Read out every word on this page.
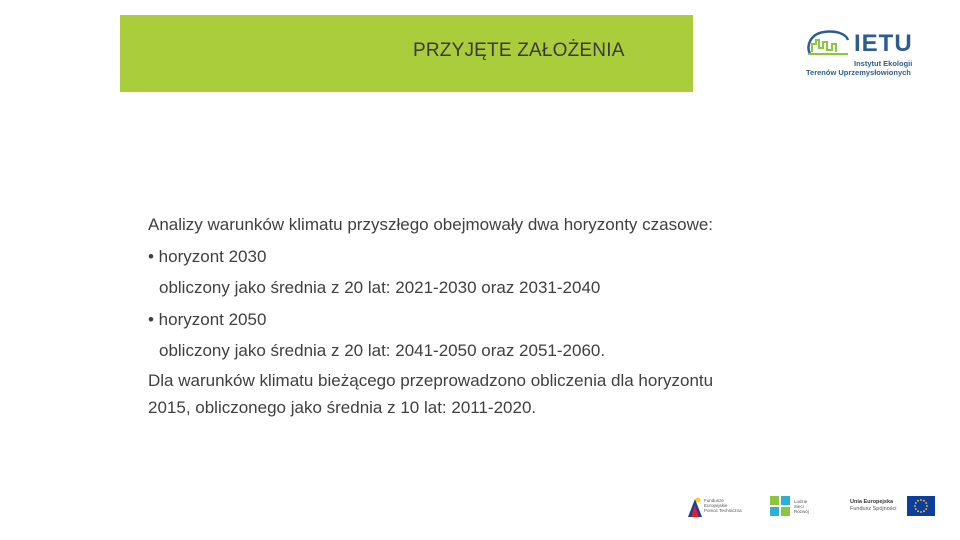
PRZYJĘTE ZAŁOŻENIA	IETU
Instytut Ekologii
Terenów Uprzemysłowionych
Analizy warunków klimatu przyszłego obejmowały dwa horyzonty czasowe:
• horyzont 2030
obliczony jako średnia z 20 lat: 2021-2030 oraz 2031-2040
• horyzont 2050
obliczony jako średnia z 20 lat: 2041-2050 oraz 2051-2060.
Dla warunków klimatu bieżącego przeprowadzono obliczenia dla horyzontu
2015, obliczonego jako średnia z 10 lat: 2011-2020.
Fundusze
Europejskie
Pomoc Techniczna
Ludzie
Sieci
Rozwój
Unia Europejska
Fundusz Spójności
